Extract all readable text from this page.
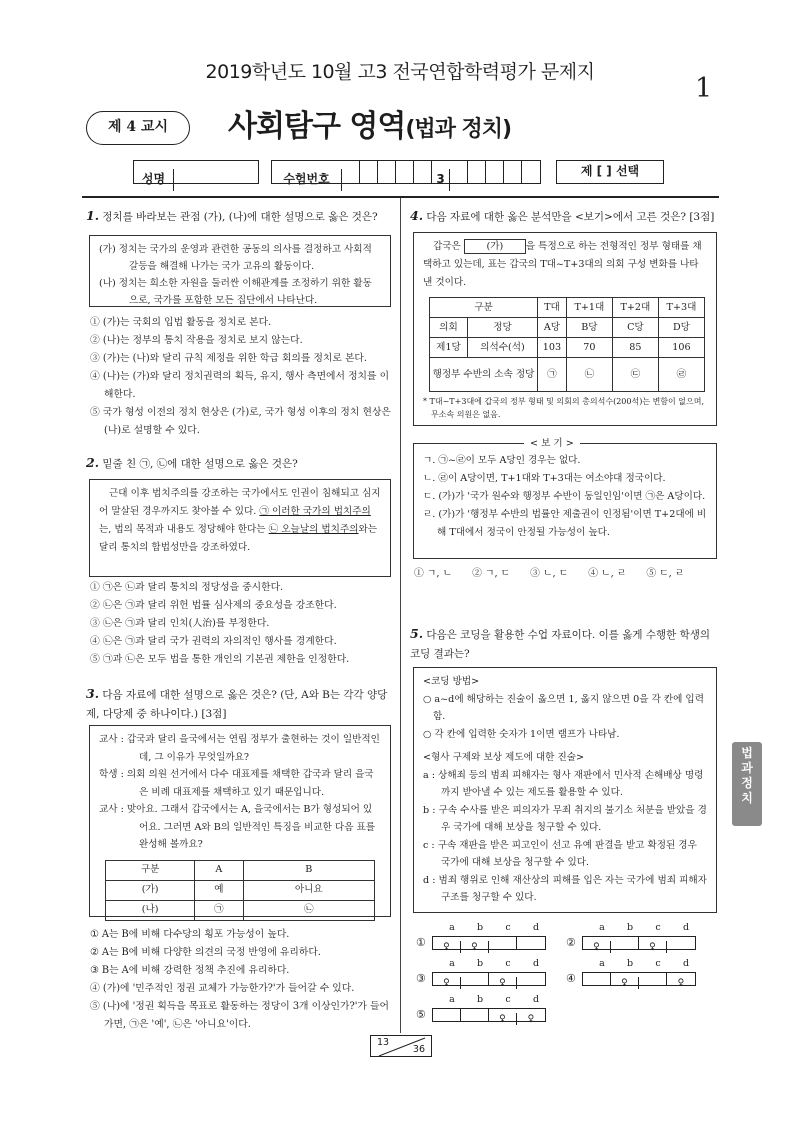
2019학년도 10월 고3 전국연합학력평가 문제지
1
제 4 교시	사회탐구 영역(법과 정치)
성명	수험번호	3
제 [ ] 선택
1. 정치를 바라보는 관점 (가), (나)에 대한 설명으로 옳은 것은?
(가) 정치는 국가의 운영과 관련한 공동의 의사를 결정하고 사회적 갈등을 해결해 나가는 국가 고유의 활동이다.
(나) 정치는 희소한 자원을 둘러싼 이해관계를 조정하기 위한 활동으로, 국가를 포함한 모든 집단에서 나타난다.
① (가)는 국회의 입법 활동을 정치로 본다.
② (나)는 정부의 통치 작용을 정치로 보지 않는다.
③ (가)는 (나)와 달리 규칙 제정을 위한 학급 회의를 정치로 본다.
④ (나)는 (가)와 달리 정치권력의 획득, 유지, 행사 측면에서 정치를 이해한다.
⑤ 국가 형성 이전의 정치 현상은 (가)로, 국가 형성 이후의 정치 현상은 (나)로 설명할 수 있다.
2. 밑줄 친 ㉠, ㉡에 대한 설명으로 옳은 것은?
근대 이후 법치주의를 강조하는 국가에서도 인권이 침해되고 심지어 말살된 경우까지도 찾아볼 수 있다. ㉠ 이러한 국가의 법치주의는, 법의 목적과 내용도 정당해야 한다는 ㉡ 오늘날의 법치주의와는 달리 통치의 합법성만을 강조하였다.
① ㉠은 ㉡과 달리 통치의 정당성을 중시한다.
② ㉡은 ㉠과 달리 위헌 법률 심사제의 중요성을 강조한다.
③ ㉡은 ㉠과 달리 인치(人治)를 부정한다.
④ ㉡은 ㉠과 달리 국가 권력의 자의적인 행사를 경계한다.
⑤ ㉠과 ㉡은 모두 법을 통한 개인의 기본권 제한을 인정한다.
3. 다음 자료에 대한 설명으로 옳은 것은? (단, A와 B는 각각 양당제, 다당제 중 하나이다.) [3점]
교사 : 갑국과 달리 을국에서는 연립 정부가 출현하는 것이 일반적인데, 그 이유가 무엇일까요?
학생 : 의회 의원 선거에서 다수 대표제를 채택한 갑국과 달리 을국은 비례 대표제를 채택하고 있기 때문입니다.
교사 : 맞아요. 그래서 갑국에서는 A, 을국에서는 B가 형성되어 있어요. 그러면 A와 B의 일반적인 특징을 비교한 다음 표를 완성해 볼까요?
구분	A	B
(가)	예	아니요
(나)	㉠	㉡
① A는 B에 비해 다수당의 횡포 가능성이 높다.
② A는 B에 비해 다양한 의견의 국정 반영에 유리하다.
③ B는 A에 비해 강력한 정책 추진에 유리하다.
④ (가)에 '민주적인 정권 교체가 가능한가?'가 들어갈 수 있다.
⑤ (나)에 '정권 획득을 목표로 활동하는 정당이 3개 이상인가?'가 들어가면, ㉠은 '예', ㉡은 '아니요'이다.
4. 다음 자료에 대한 옳은 분석만을 <보기>에서 고른 것은? [3점]
갑국은 (가) 을 특정으로 하는 전형적인 정부 형태를 채택하고 있는데, 표는 갑국의 T대~T+3대의 의회 구성 변화를 나타낸 것이다.
구분		T대	T+1대	T+2대	T+3대
의회	정당	A당	B당	C당	D당
제1당	의석수(석)	103	70	85	106
행정부 수반의 소속 정당		㉠	㉡	㉢	㉣
* T대~T+3대에 갑국의 정부 형태 및 의회의 총의석수(200석)는 변함이 없으며, 무소속 의원은 없음.
< 보 기 >
ㄱ. ㉠~㉣이 모두 A당인 경우는 없다.
ㄴ. ㉣이 A당이면, T+1대와 T+3대는 여소야대 정국이다.
ㄷ. (가)가 '국가 원수와 행정부 수반이 동일인임'이면 ㉠은 A당이다.
ㄹ. (가)가 '행정부 수반의 법률안 제출권이 인정됨'이면 T+2대에 비해 T대에서 정국이 안정될 가능성이 높다.
① ㄱ, ㄴ ② ㄱ, ㄷ ③ ㄴ, ㄷ ④ ㄴ, ㄹ ⑤ ㄷ, ㄹ
5. 다음은 코딩을 활용한 수업 자료이다. 이를 옳게 수행한 학생의 코딩 결과는?
<코딩 방법>
○ a~d에 해당하는 진술이 옳으면 1, 옳지 않으면 0을 각 칸에 입력함.
○ 각 칸에 입력한 숫자가 1이면 램프가 나타남.
<형사 구제와 보상 제도에 대한 진술>
a : 상해죄 등의 범죄 피해자는 형사 재판에서 민사적 손해배상 명령까지 받아낼 수 있는 제도를 활용할 수 있다.
b : 구속 수사를 받은 피의자가 무죄 취지의 불기소 처분을 받았을 경우 국가에 대해 보상을 청구할 수 있다.
c : 구속 재판을 받은 피고인이 선고 유예 판결을 받고 확정된 경우 국가에 대해 보상을 청구할 수 있다.
d : 범죄 행위로 인해 재산상의 피해를 입은 자는 국가에 범죄 피해자 구조를 청구할 수 있다.
a b c d
①	♀ ♀
a b c d
②	♀	♀
a b c d
③	♀	♀
a b c d
④	♀	♀
a b c d
⑤	♀ ♀
법
과
정
치
13
36
